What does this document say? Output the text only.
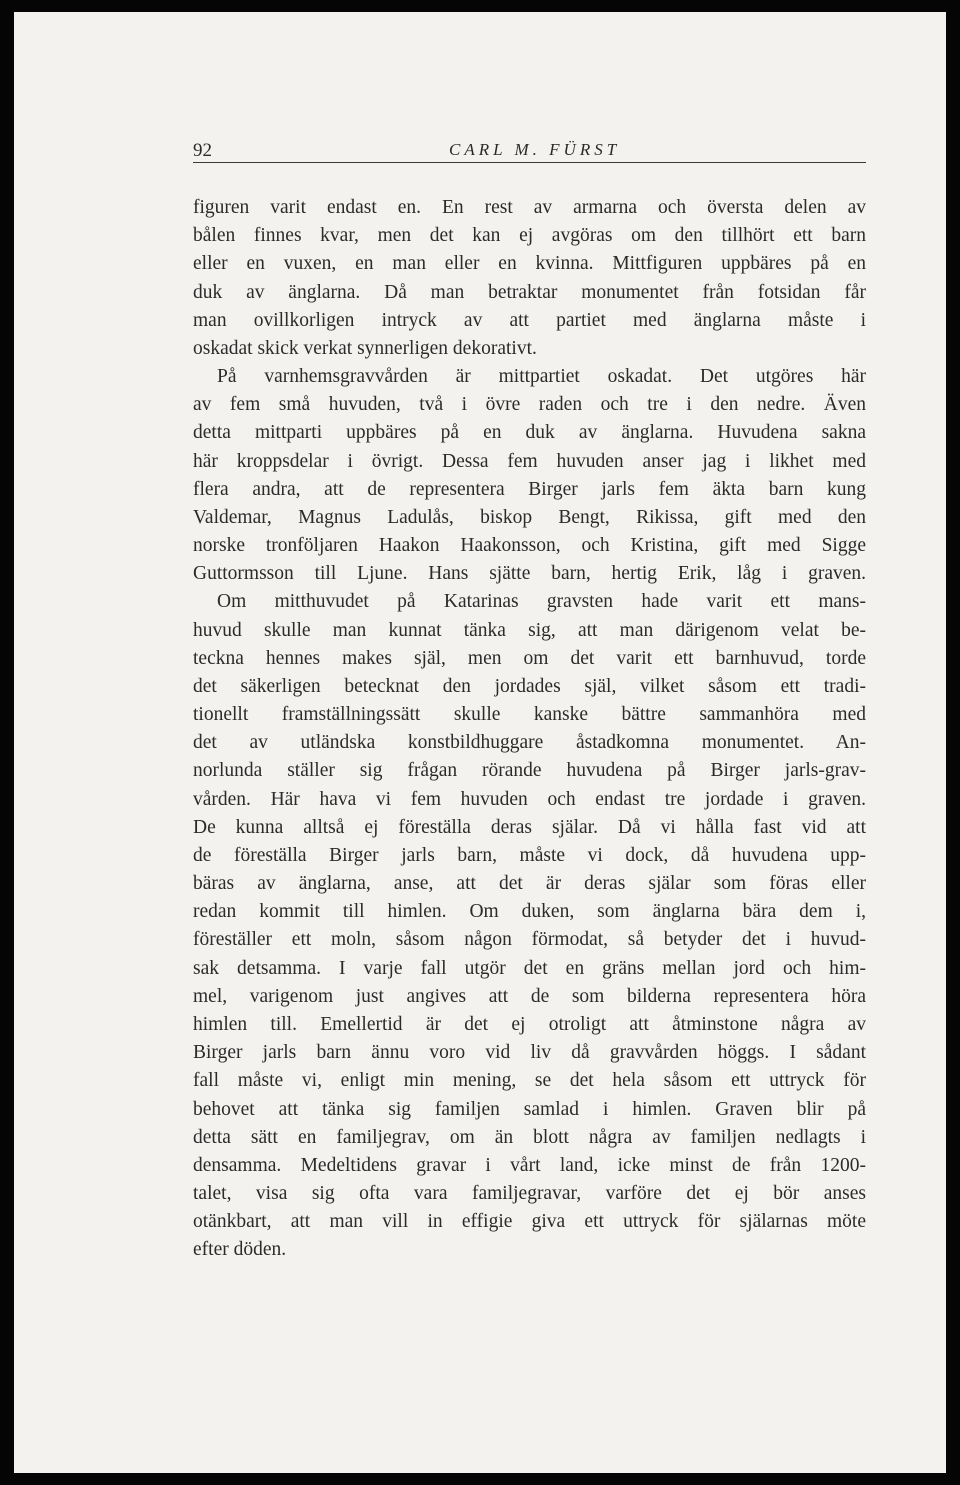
92	CARL M. FÜRST
figuren varit endast en. En rest av armarna och översta delen av
bålen finnes kvar, men det kan ej avgöras om den tillhört ett barn
eller en vuxen, en man eller en kvinna. Mittfiguren uppbäres på en
duk av änglarna. Då man betraktar monumentet från fotsidan får
man ovillkorligen intryck av att partiet med änglarna måste i
oskadat skick verkat synnerligen dekorativt.
På varnhemsgravvården är mittpartiet oskadat. Det utgöres här
av fem små huvuden, två i övre raden och tre i den nedre. Även
detta mittparti uppbäres på en duk av änglarna. Huvudena sakna
här kroppsdelar i övrigt. Dessa fem huvuden anser jag i likhet med
flera andra, att de representera Birger jarls fem äkta barn kung
Valdemar, Magnus Ladulås, biskop Bengt, Rikissa, gift med den
norske tronföljaren Haakon Haakonsson, och Kristina, gift med Sigge
Guttormsson till Ljune. Hans sjätte barn, hertig Erik, låg i graven.
Om mitthuvudet på Katarinas gravsten hade varit ett mans-
huvud skulle man kunnat tänka sig, att man därigenom velat be-
teckna hennes makes själ, men om det varit ett barnhuvud, torde
det säkerligen betecknat den jordades själ, vilket såsom ett tradi-
tionellt framställningssätt skulle kanske bättre sammanhöra med
det av utländska konstbildhuggare åstadkomna monumentet. An-
norlunda ställer sig frågan rörande huvudena på Birger jarls-grav-
vården. Här hava vi fem huvuden och endast tre jordade i graven.
De kunna alltså ej föreställa deras själar. Då vi hålla fast vid att
de föreställa Birger jarls barn, måste vi dock, då huvudena upp-
bäras av änglarna, anse, att det är deras själar som föras eller
redan kommit till himlen. Om duken, som änglarna bära dem i,
föreställer ett moln, såsom någon förmodat, så betyder det i huvud-
sak detsamma. I varje fall utgör det en gräns mellan jord och him-
mel, varigenom just angives att de som bilderna representera höra
himlen till. Emellertid är det ej otroligt att åtminstone några av
Birger jarls barn ännu voro vid liv då gravvården höggs. I sådant
fall måste vi, enligt min mening, se det hela såsom ett uttryck för
behovet att tänka sig familjen samlad i himlen. Graven blir på
detta sätt en familjegrav, om än blott några av familjen nedlagts i
densamma. Medeltidens gravar i vårt land, icke minst de från 1200-
talet, visa sig ofta vara familjegravar, varföre det ej bör anses
otänkbart, att man vill in effigie giva ett uttryck för själarnas möte
efter döden.
